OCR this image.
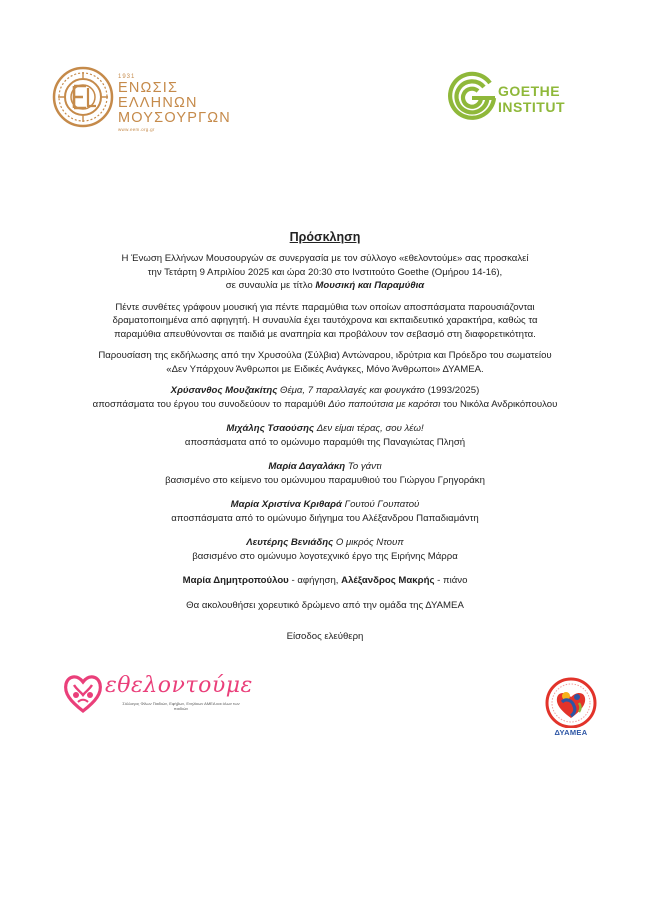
1931
ΕΝΩΣΙΣ
ΕΛΛΗΝΩΝ
ΜΟΥΣΟΥΡΓΩΝ
www.eem.org.gr
GOETHE
INSTITUT
Πρόσκληση

Η Ένωση Ελλήνων Μουσουργών σε συνεργασία με τον σύλλογο «εθελοντούμε» σας προσκαλεί

την Τετάρτη 9 Απριλίου 2025 και ώρα 20:30 στο Ινστιτούτο Goethe (Ομήρου 14-16),

σε συναυλία με τίτλο Μουσική και Παραμύθια

Πέντε συνθέτες γράφουν μουσική για πέντε παραμύθια των οποίων αποσπάσματα παρουσιάζονται

δραματοποιημένα από αφηγητή. Η συναυλία έχει ταυτόχρονα και εκπαιδευτικό χαρακτήρα, καθώς τα

παραμύθια απευθύνονται σε παιδιά με αναπηρία και προβάλουν τον σεβασμό στη διαφορετικότητα.

Παρουσίαση της εκδήλωσης από την Χρυσούλα (Σύλβια) Αντώναρου, ιδρύτρια και Πρόεδρο του σωματείου

«Δεν Υπάρχουν Άνθρωποι με Ειδικές Ανάγκες, Μόνο Άνθρωποι» ΔΥΑΜΕΑ.

Χρύσανθος Μουζακίτης Θέμα, 7 παραλλαγές και φουγκάτο (1993/2025)

αποσπάσματα του έργου του συνοδεύουν το παραμύθι Δύο παπούτσια με καρότσι του Νικόλα Ανδρικόπουλου

Μιχάλης Τσαούσης Δεν είμαι τέρας, σου λέω!

αποσπάσματα από το ομώνυμο παραμύθι της Παναγιώτας Πλησή

Μαρία Δαγαλάκη Το γάντι

βασισμένο στο κείμενο του ομώνυμου παραμυθιού του Γιώργου Γρηγοράκη

Μαρία Χριστίνα Κριθαρά Γουτού Γουπατού

αποσπάσματα από το ομώνυμο διήγημα του Αλέξανδρου Παπαδιαμάντη

Λευτέρης Βενιάδης Ο μικρός Ντουπ

βασισμένο στο ομώνυμο λογοτεχνικό έργο της Ειρήνης Μάρρα

Μαρία Δημητροπούλου - αφήγηση, Αλέξανδρος Μακρής - πιάνο

Θα ακολουθήσει χορευτικό δρώμενο από την ομάδα της ΔΥΑΜΕΑ

Είσοδος ελεύθερη

εθελοντούμε
Σύλλογος Φίλων Παιδιών, Εφήβων, Ενηλίκων ΑΜΕΑ και όλων των παιδιών
ΔΥΑΜΕΑ
